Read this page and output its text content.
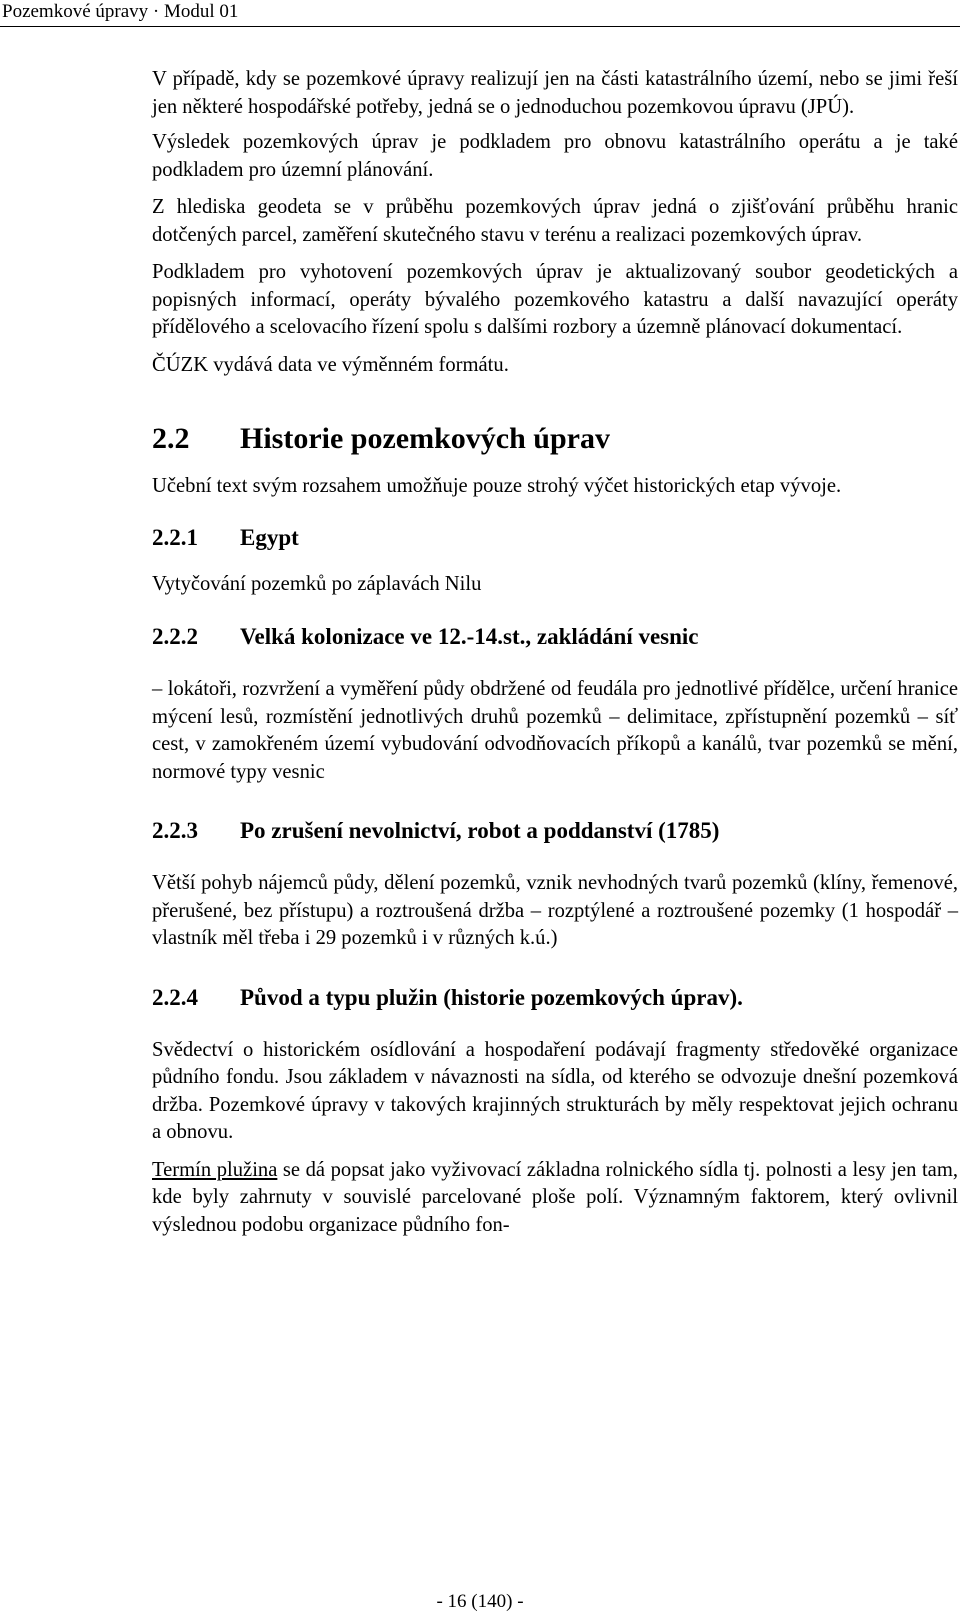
Pozemkové úpravy · Modul 01

V případě, kdy se pozemkové úpravy realizují jen na části katastrálního území, nebo se jimi řeší jen některé hospodářské potřeby, jedná se o jednoduchou pozemkovou úpravu (JPÚ).

Výsledek pozemkových úprav je podkladem pro obnovu katastrálního operátu a je také podkladem pro územní plánování.

Z hlediska geodeta se v průběhu pozemkových úprav jedná o zjišťování průběhu hranic dotčených parcel, zaměření skutečného stavu v terénu a realizaci pozemkových úprav.

Podkladem pro vyhotovení pozemkových úprav je aktualizovaný soubor geodetických a popisných informací, operáty bývalého pozemkového katastru a další navazující operáty přídělového a scelovacího řízení spolu s dalšími rozbory a územně plánovací dokumentací.

ČÚZK vydává data ve výměnném formátu.

2.2 Historie pozemkových úprav

Učební text svým rozsahem umožňuje pouze strohý výčet historických etap vývoje.

2.2.1 Egypt

Vytyčování pozemků po záplavách Nilu

2.2.2 Velká kolonizace ve 12.-14.st., zakládání vesnic

– lokátoři, rozvržení a vyměření půdy obdržené od feudála pro jednotlivé přídělce, určení hranice mýcení lesů, rozmístění jednotlivých druhů pozemků – delimitace, zpřístupnění pozemků – síť cest, v zamokřeném území vybudování odvodňovacích příkopů a kanálů, tvar pozemků se mění, normové typy vesnic

2.2.3 Po zrušení nevolnictví, robot a poddanství (1785)

Větší pohyb nájemců půdy, dělení pozemků, vznik nevhodných tvarů pozemků (klíny, řemenové, přerušené, bez přístupu) a roztroušená držba – rozptýlené a roztroušené pozemky (1 hospodář – vlastník měl třeba i 29 pozemků i v různých k.ú.)

2.2.4 Původ a typu plužin (historie pozemkových úprav).

Svědectví o historickém osídlování a hospodaření podávají fragmenty středověké organizace půdního fondu. Jsou základem v návaznosti na sídla, od kterého se odvozuje dnešní pozemková držba. Pozemkové úpravy v takových krajinných strukturách by měly respektovat jejich ochranu a obnovu.

Termín plužina se dá popsat jako vyživovací základna rolnického sídla tj. polnosti a lesy jen tam, kde byly zahrnuty v souvislé parcelované ploše polí. Významným faktorem, který ovlivnil výslednou podobu organizace půdního fon-

- 16 (140) -
